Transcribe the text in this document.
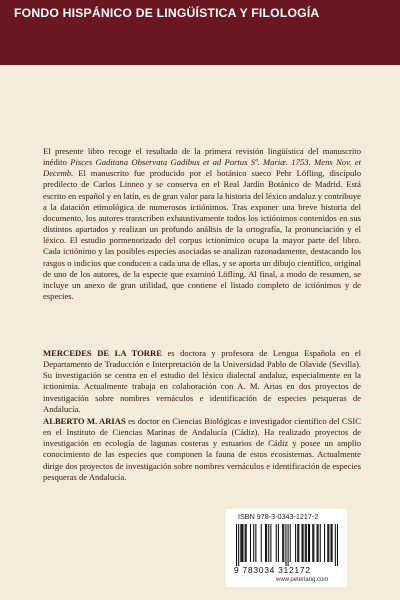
FONDO HISPÁNICO DE LINGÜÍSTICA Y FILOLOGÍA

El presente libro recoge el resultado de la primera revisión lingüística del manuscrito inédito Pisces Gaditana Observata Gadibus et ad Portus Sª. Mariæ. 1753. Mens Nov. et Decemb. El manuscrito fue producido por el botánico sueco Pehr Löfling, discípulo predilecto de Carlos Linneo y se conserva en el Real Jardín Botánico de Madrid. Está escrito en español y en latín, es de gran valor para la historia del léxico andaluz y contribuye a la datación etimológica de numerosos ictiónimos. Tras exponer una breve historia del documento, los autores transcriben exhaustivamente todos los ictiónimos contenidos en sus distintos apartados y realizan un profundo análisis de la ortografía, la pronunciación y el léxico. El estudio pormenorizado del corpus ictionímico ocupa la mayor parte del libro. Cada ictiónimo y las posibles especies asociadas se analizan razonadamente, destacando los rasgos o indicios que conducen a cada una de ellas, y se aporta un dibujo científico, original de uno de los autores, de la especie que examinó Löfling. Al final, a modo de resumen, se incluye un anexo de gran utilidad, que contiene el listado completo de ictiónimos y de especies.

MERCEDES DE LA TORRE es doctora y profesora de Lengua Española en el Departamento de Traducción e Interpretación de la Universidad Pablo de Olavide (Sevilla). Su investigación se centra en el estudio del léxico dialectal andaluz, especialmente en la ictionimia. Actualmente trabaja en colaboración con A. M. Arias en dos proyectos de investigación sobre nombres vernáculos e identificación de especies pesqueras de Andalucía.

ALBERTO M. ARIAS es doctor en Ciencias Biológicas e investigador científico del CSIC en el Instituto de Ciencias Marinas de Andalucía (Cádiz). Ha realizado proyectos de investigación en ecología de lagunas costeras y estuarios de Cádiz y posee un amplio conocimiento de las especies que componen la fauna de estos ecosistemas. Actualmente dirige dos proyectos de investigación sobre nombres vernáculos e identificación de especies pesqueras de Andalucía.

ISBN 978-3-0343-1217-2
9 783034 312172
www.peterlang.com
